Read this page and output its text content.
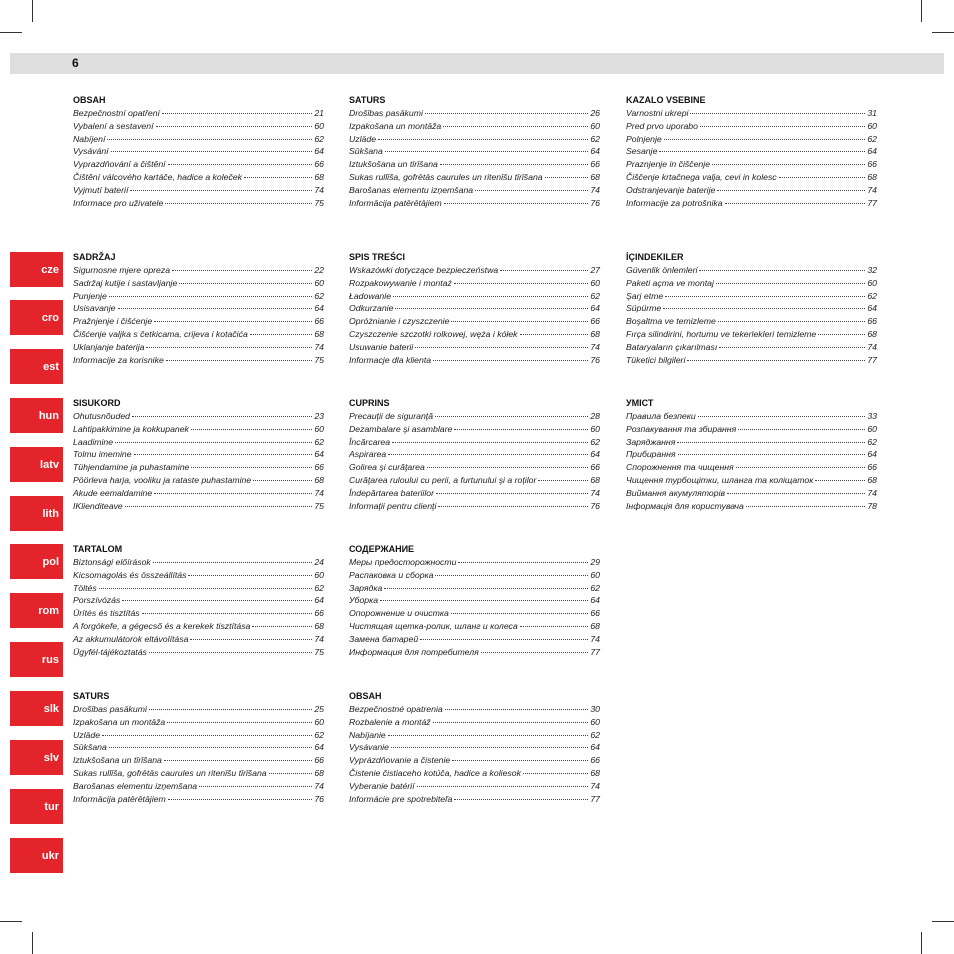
6
cze
cro
est
hun
latv
lith
pol
rom
rus
slk
slv
tur
ukr
OBSAH
Bezpečnostní opatření	21
Vybalení a sestavení	60
Nabíjení	62
Vysávání	64
Vyprazdňování a čištění	66
Čištění válcového kartáče, hadice a koleček	68
Vyjmutí baterií	74
Informace pro uživatele	75
SATURS
Drošības pasākumi	26
Izpakošana un montāža	60
Uzlāde	62
Sūkšana	64
Iztukšošana un tīrīšana	66
Sukas rullīša, gofrētās caurules un ritenīšu tīrīšana	68
Barošanas elementu izņemšana	74
Informācija patērētājiem	76
KAZALO VSEBINE
Varnostni ukrepi	31
Pred prvo uporabo	60
Polnjenje	62
Sesanje	64
Praznjenje in čiščenje	66
Čiščenje krtačnega valja, cevi in kolesc	68
Odstranjevanje baterije	74
Informacije za potrošnika	77
SADRŽAJ
Sigurnosne mjere opreza	22
Sadržaj kutije i sastavljanje	60
Punjenje	62
Usisavanje	64
Pražnjenje i čišćenje	66
Čišćenje valjka s četkicama, crijeva i kotačića	68
Uklanjanje baterija	74
Informacije za korisnike	75
SPIS TREŚCI
Wskazówki dotyczące bezpieczeństwa	27
Rozpakowywanie i montaż	60
Ładowanie	62
Odkurzanie	64
Opróżnianie i czyszczenie	66
Czyszczenie szczotki rolkowej, węża i kółek	68
Usuwanie baterii	74
Informacje dla klienta	76
İÇINDEKILER
Güvenlik önlemleri	32
Paketi açma ve montaj	60
Şarj etme	62
Süpürme	64
Boşaltma ve temizleme	66
Fırça silindirini, hortumu ve tekerlekleri temizleme	68
Bataryaların çıkarılması	74
Tüketici bilgileri	77
SISUKORD
Ohutusnõuded	23
Lahtipakkimine ja kokkupanek	60
Laadimine	62
Tolmu imemine	64
Tühjendamine ja puhastamine	66
Pöörleva harja, vooliku ja rataste puhastamine	68
Akude eemaldamine	74
IKlienditeave	75
CUPRINS
Precauţii de siguranţă	28
Dezambalare şi asamblare	60
Încărcarea	62
Aspirarea	64
Golirea şi curăţarea	66
Curăţarea ruloului cu perii, a furtunului şi a roţilor	68
Îndepărtarea bateriilor	74
Informaţii pentru clienţi	76
УМІСТ
Правила безпеки	33
Розпакування та збирання	60
Заряджання	62
Прибирання	64
Спорожнення та чищення	66
Чищення турбощітки, шланга та коліщаток	68
Виймання акумуляторів	74
Інформація для користувача	78
TARTALOM
Biztonsági előírások	24
Kicsomagolás és összeállítás	60
Töltés	62
Porszívózás	64
Ürítés és tisztítás	66
A forgókefe, a gégecső és a kerekek tisztítása	68
Az akkumulátorok eltávolítása	74
Ügyfél-tájékoztatás	75
СОДЕРЖАНИЕ
Меры предосторожности	29
Распаковка и сборка	60
Зарядка	62
Уборка	64
Опорожнение и очистка	66
Чистящая щетка-ролик, шланг и колеса	68
Замена батарей	74
Информация для потребителя	77
SATURS
Drošības pasākumi	25
Izpakošana un montāža	60
Uzlāde	62
Sūkšana	64
Iztukšošana un tīrīšana	66
Sukas rullīša, gofrētās caurules un ritenīšu tīrīšana	68
Barošanas elementu izņemšana	74
Informācija patērētājiem	76
OBSAH
Bezpečnostné opatrenia	30
Rozbalenie a montáž	60
Nabíjanie	62
Vysávanie	64
Vyprázdňovanie a čistenie	66
Čistenie čistiaceho kotúča, hadice a koliesok	68
Vyberanie batérií	74
Informácie pre spotrebiteľa	77
